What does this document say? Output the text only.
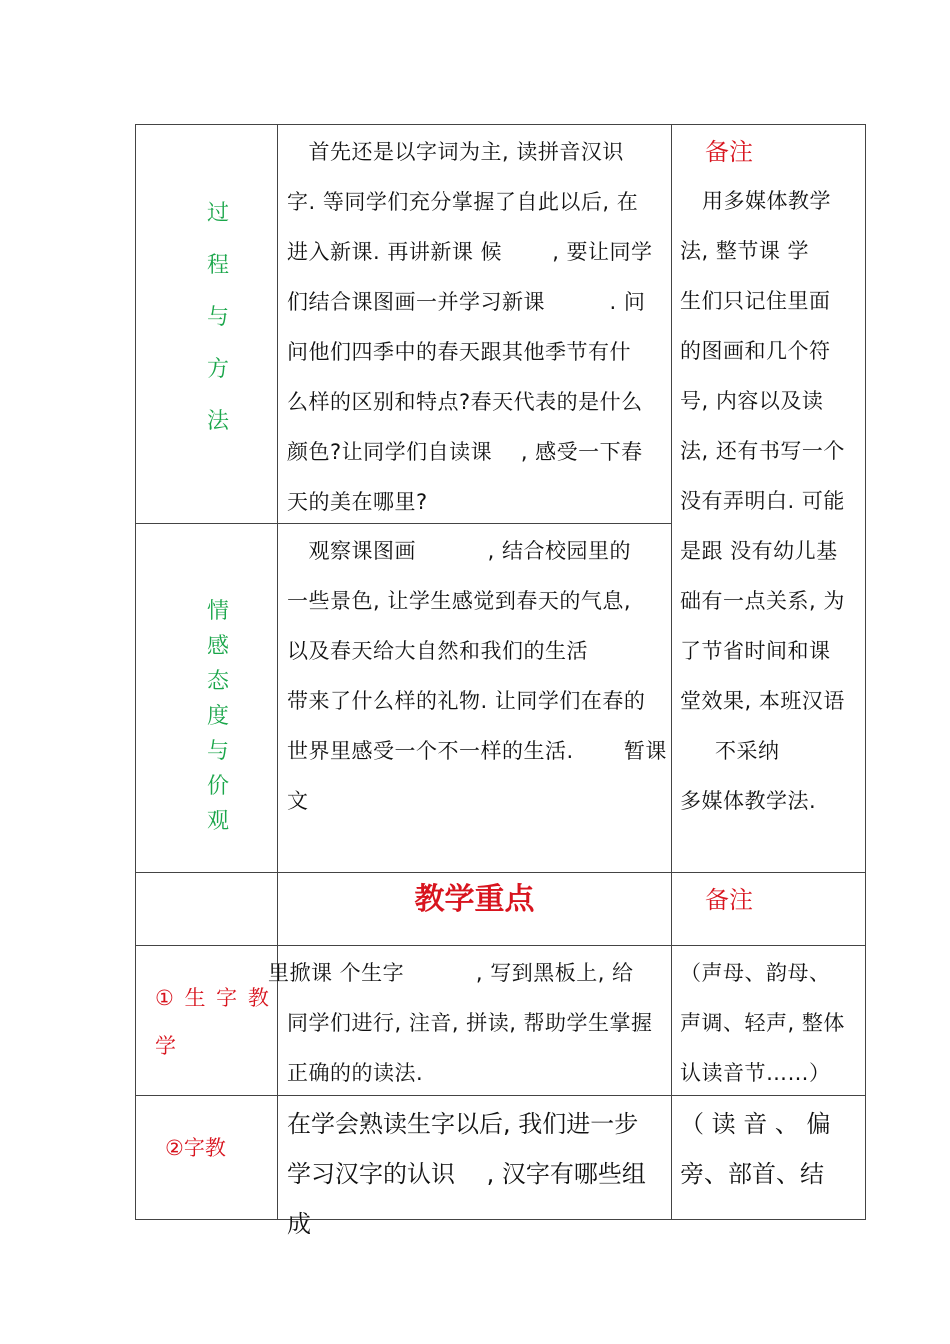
过
程
与
方
法
　首先还是以字词为主, 读拼音汉识
字. 等同学们充分掌握了自此以后, 在
进入新课. 再讲新课 候　　 , 要让同学
们结合课图画一并学习新课　　　. 问
问他们四季中的春天跟其他季节有什
么样的区别和特点?春天代表的是什么
颜色?让同学们自读课　 , 感受一下春
天的美在哪里?
情
感
态
度
与
价
观
　观察课图画　　　 , 结合校园里的
一些景色, 让学生感觉到春天的气息,
以及春天给大自然和我们的生活
带来了什么样的礼物. 让同学们在春的
世界里感受一个不一样的生活.　　 暂课文
备注
用多媒体教学
法, 整节课 学
生们只记住里面
的图画和几个符
号, 内容以及读
法, 还有书写一个
没有弄明白. 可能
是跟 没有幼儿基
础有一点关系, 为
了节省时间和课
堂效果, 本班汉语
不采纳
多媒体教学法.
教学重点	备注
① 生 字 教
学
里掀课 个生字　　　 , 写到黑板上, 给
同学们进行, 注音, 拼读, 帮助学生掌握
正确的的读法.
（声母、韵母、
声调、轻声, 整体
认读音节……）
②字教
在学会熟读生字以后, 我们进一步
学习汉字的认识　 , 汉字有哪些组成
（ 读 音 、 偏
旁、部首、结
